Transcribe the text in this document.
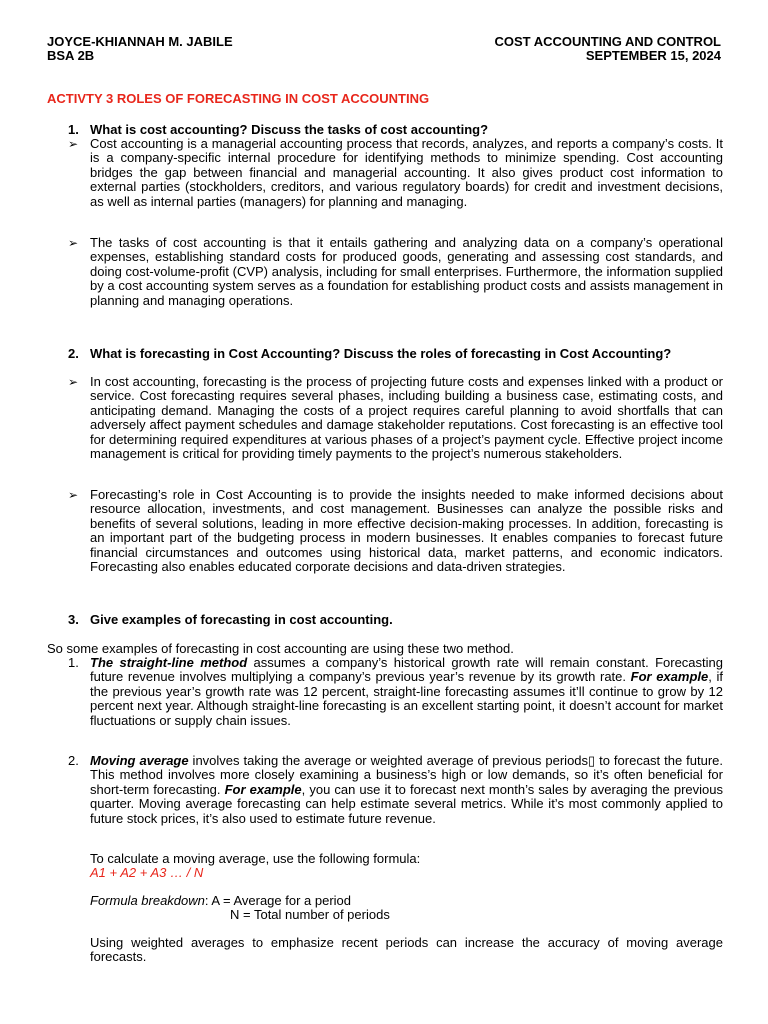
JOYCE-KHIANNAH M. JABILE
BSA 2B
COST ACCOUNTING AND CONTROL
SEPTEMBER 15, 2024
ACTIVTY 3 ROLES OF FORECASTING IN COST ACCOUNTING
1. What is cost accounting? Discuss the tasks of cost accounting?
➢ Cost accounting is a managerial accounting process that records, analyzes, and reports a company’s costs. It is a company-specific internal procedure for identifying methods to minimize spending. Cost accounting bridges the gap between financial and managerial accounting. It also gives product cost information to external parties (stockholders, creditors, and various regulatory boards) for credit and investment decisions, as well as internal parties (managers) for planning and managing.
➢ The tasks of cost accounting is that it entails gathering and analyzing data on a company’s operational expenses, establishing standard costs for produced goods, generating and assessing cost standards, and doing cost-volume-profit (CVP) analysis, including for small enterprises. Furthermore, the information supplied by a cost accounting system serves as a foundation for establishing product costs and assists management in planning and managing operations.
2. What is forecasting in Cost Accounting? Discuss the roles of forecasting in Cost Accounting?
➢ In cost accounting, forecasting is the process of projecting future costs and expenses linked with a product or service. Cost forecasting requires several phases, including building a business case, estimating costs, and anticipating demand. Managing the costs of a project requires careful planning to avoid shortfalls that can adversely affect payment schedules and damage stakeholder reputations. Cost forecasting is an effective tool for determining required expenditures at various phases of a project’s payment cycle. Effective project income management is critical for providing timely payments to the project’s numerous stakeholders.
➢ Forecasting’s role in Cost Accounting is to provide the insights needed to make informed decisions about resource allocation, investments, and cost management. Businesses can analyze the possible risks and benefits of several solutions, leading in more effective decision-making processes. In addition, forecasting is an important part of the budgeting process in modern businesses. It enables companies to forecast future financial circumstances and outcomes using historical data, market patterns, and economic indicators. Forecasting also enables educated corporate decisions and data-driven strategies.
3. Give examples of forecasting in cost accounting.
So some examples of forecasting in cost accounting are using these two method.
1. The straight-line method assumes a company’s historical growth rate will remain constant. Forecasting future revenue involves multiplying a company’s previous year’s revenue by its growth rate. For example, if the previous year’s growth rate was 12 percent, straight-line forecasting assumes it’ll continue to grow by 12 percent next year. Although straight-line forecasting is an excellent starting point, it doesn’t account for market fluctuations or supply chain issues.
2. Moving average involves taking the average or weighted average of previous periods▯ to forecast the future. This method involves more closely examining a business’s high or low demands, so it’s often beneficial for short-term forecasting. For example, you can use it to forecast next month’s sales by averaging the previous quarter. Moving average forecasting can help estimate several metrics. While it’s most commonly applied to future stock prices, it’s also used to estimate future revenue.
To calculate a moving average, use the following formula:
A1 + A2 + A3 … / N
Formula breakdown: A = Average for a period
N = Total number of periods
Using weighted averages to emphasize recent periods can increase the accuracy of moving average forecasts.
